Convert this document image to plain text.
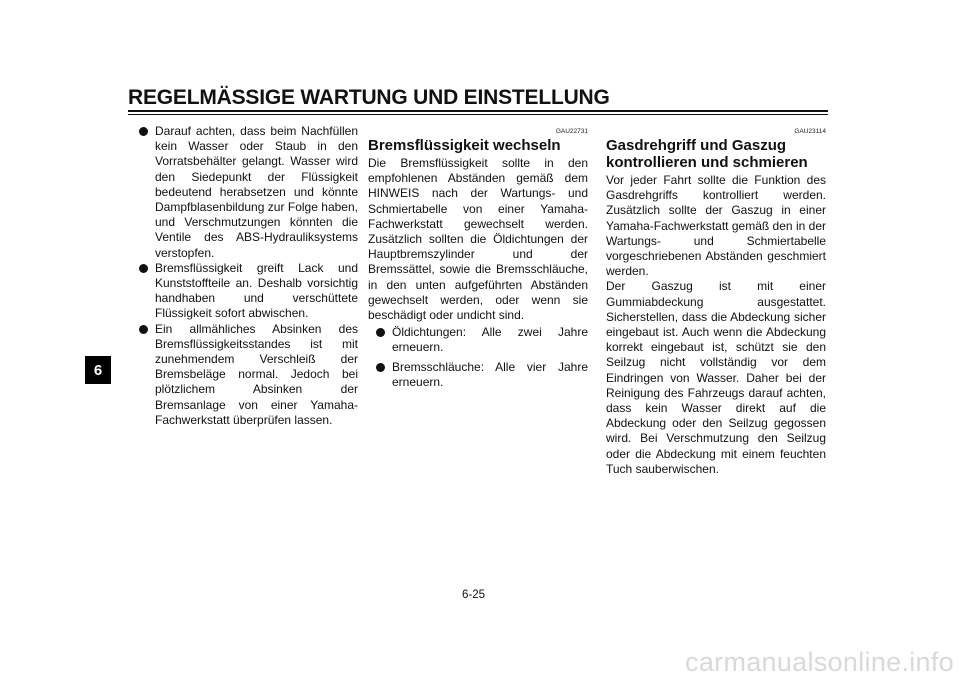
REGELMÄSSIGE WARTUNG UND EINSTELLUNG
6
Darauf achten, dass beim Nachfüllen kein Wasser oder Staub in den Vorratsbehälter gelangt. Wasser wird den Siedepunkt der Flüssigkeit bedeutend herabsetzen und könnte Dampfblasenbildung zur Folge haben, und Verschmutzungen könnten die Ventile des ABS-Hydrauliksystems verstopfen.
Bremsflüssigkeit greift Lack und Kunststoffteile an. Deshalb vorsichtig handhaben und verschüttete Flüssigkeit sofort abwischen.
Ein allmähliches Absinken des Bremsflüssigkeitsstandes ist mit zunehmendem Verschleiß der Bremsbeläge normal. Jedoch bei plötzlichem Absinken der Bremsanlage von einer Yamaha-Fachwerkstatt überprüfen lassen.
GAU22731
Bremsflüssigkeit wechseln

Die Bremsflüssigkeit sollte in den empfohlenen Abständen gemäß dem HINWEIS nach der Wartungs- und Schmiertabelle von einer Yamaha-Fachwerkstatt gewechselt werden. Zusätzlich sollten die Öldichtungen der Hauptbremszylinder und der Bremssättel, sowie die Bremsschläuche, in den unten aufgeführten Abständen gewechselt werden, oder wenn sie beschädigt oder undicht sind.

Öldichtungen: Alle zwei Jahre erneuern.
Bremsschläuche: Alle vier Jahre erneuern.
GAU23114
Gasdrehgriff und Gaszug kontrollieren und schmieren

Vor jeder Fahrt sollte die Funktion des Gasdrehgriffs kontrolliert werden. Zusätzlich sollte der Gaszug in einer Yamaha-Fachwerkstatt gemäß den in der Wartungs- und Schmiertabelle vorgeschriebenen Abständen geschmiert werden.

Der Gaszug ist mit einer Gummiabdeckung ausgestattet. Sicherstellen, dass die Abdeckung sicher eingebaut ist. Auch wenn die Abdeckung korrekt eingebaut ist, schützt sie den Seilzug nicht vollständig vor dem Eindringen von Wasser. Daher bei der Reinigung des Fahrzeugs darauf achten, dass kein Wasser direkt auf die Abdeckung oder den Seilzug gegossen wird. Bei Verschmutzung den Seilzug oder die Abdeckung mit einem feuchten Tuch sauberwischen.

6-25
carmanualsonline.info
